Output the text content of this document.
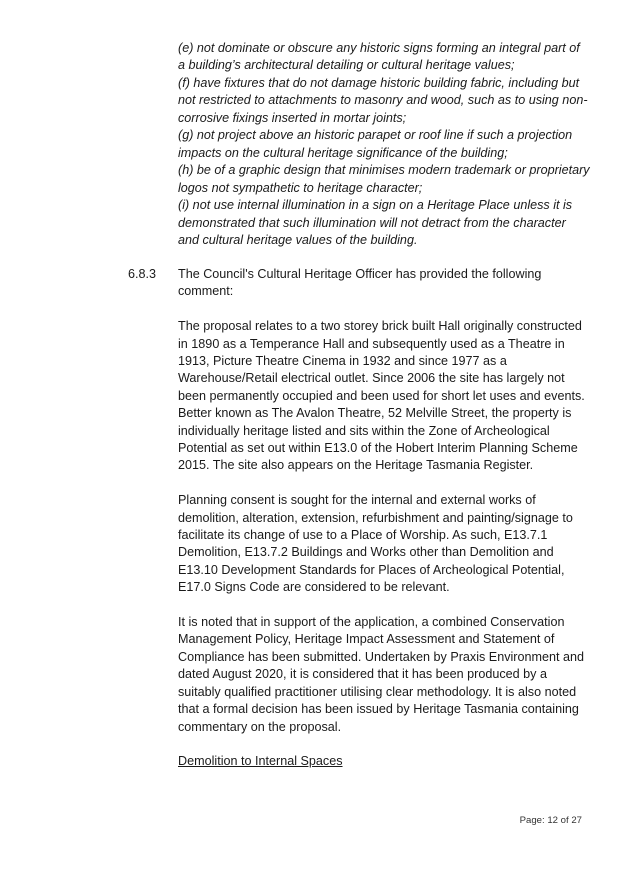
(e) not dominate or obscure any historic signs forming an integral part of a building’s architectural detailing or cultural heritage values;

(f) have fixtures that do not damage historic building fabric, including but not restricted to attachments to masonry and wood, such as to using non-corrosive fixings inserted in mortar joints;

(g) not project above an historic parapet or roof line if such a projection impacts on the cultural heritage significance of the building;

(h) be of a graphic design that minimises modern trademark or proprietary logos not sympathetic to heritage character;

(i) not use internal illumination in a sign on a Heritage Place unless it is demonstrated that such illumination will not detract from the character and cultural heritage values of the building.

6.8.3 The Council's Cultural Heritage Officer has provided the following comment:

The proposal relates to a two storey brick built Hall originally constructed in 1890 as a Temperance Hall and subsequently used as a Theatre in 1913, Picture Theatre Cinema in 1932 and since 1977 as a Warehouse/Retail electrical outlet. Since 2006 the site has largely not been permanently occupied and been used for short let uses and events. Better known as The Avalon Theatre, 52 Melville Street, the property is individually heritage listed and sits within the Zone of Archeological Potential as set out within E13.0 of the Hobert Interim Planning Scheme 2015. The site also appears on the Heritage Tasmania Register.

Planning consent is sought for the internal and external works of demolition, alteration, extension, refurbishment and painting/signage to facilitate its change of use to a Place of Worship. As such, E13.7.1 Demolition, E13.7.2 Buildings and Works other than Demolition and E13.10 Development Standards for Places of Archeological Potential, E17.0 Signs Code are considered to be relevant.

It is noted that in support of the application, a combined Conservation Management Policy, Heritage Impact Assessment and Statement of Compliance has been submitted. Undertaken by Praxis Environment and dated August 2020, it is considered that it has been produced by a suitably qualified practitioner utilising clear methodology. It is also noted that a formal decision has been issued by Heritage Tasmania containing commentary on the proposal.

Demolition to Internal Spaces

Page: 12 of 27
